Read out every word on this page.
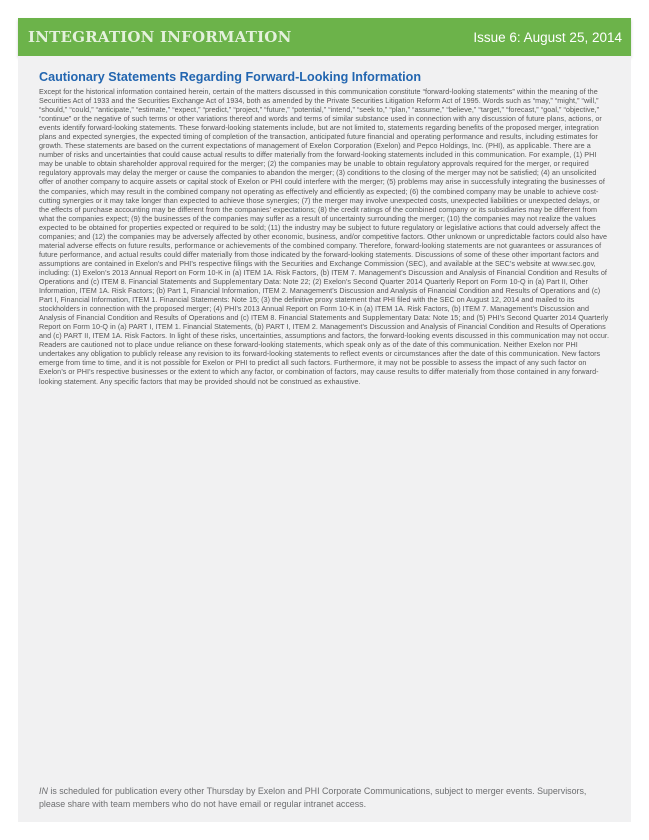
INTEGRATION INFORMATION	Issue 6: August 25, 2014
Cautionary Statements Regarding Forward-Looking Information

Except for the historical information contained herein, certain of the matters discussed in this communication constitute “forward-looking statements” within the meaning of the Securities Act of 1933 and the Securities Exchange Act of 1934, both as amended by the Private Securities Litigation Reform Act of 1995. Words such as “may,” “might,” “will,” “should,” “could,” “anticipate,” “estimate,” “expect,” “predict,” “project,” “future,” “potential,” “intend,” “seek to,” “plan,” “assume,” “believe,” “target,” “forecast,” “goal,” “objective,” “continue” or the negative of such terms or other variations thereof and words and terms of similar substance used in connection with any discussion of future plans, actions, or events identify forward-looking statements. These forward-looking statements include, but are not limited to, statements regarding benefits of the proposed merger, integration plans and expected synergies, the expected timing of completion of the transaction, anticipated future financial and operating performance and results, including estimates for growth. These statements are based on the current expectations of management of Exelon Corporation (Exelon) and Pepco Holdings, Inc. (PHI), as applicable. There are a number of risks and uncertainties that could cause actual results to differ materially from the forward-looking statements included in this communication. For example, (1) PHI may be unable to obtain shareholder approval required for the merger; (2) the companies may be unable to obtain regulatory approvals required for the merger, or required regulatory approvals may delay the merger or cause the companies to abandon the merger; (3) conditions to the closing of the merger may not be satisfied; (4) an unsolicited offer of another company to acquire assets or capital stock of Exelon or PHI could interfere with the merger; (5) problems may arise in successfully integrating the businesses of the companies, which may result in the combined company not operating as effectively and efficiently as expected; (6) the combined company may be unable to achieve cost-cutting synergies or it may take longer than expected to achieve those synergies; (7) the merger may involve unexpected costs, unexpected liabilities or unexpected delays, or the effects of purchase accounting may be different from the companies’ expectations; (8) the credit ratings of the combined company or its subsidiaries may be different from what the companies expect; (9) the businesses of the companies may suffer as a result of uncertainty surrounding the merger; (10) the companies may not realize the values expected to be obtained for properties expected or required to be sold; (11) the industry may be subject to future regulatory or legislative actions that could adversely affect the companies; and (12) the companies may be adversely affected by other economic, business, and/or competitive factors. Other unknown or unpredictable factors could also have material adverse effects on future results, performance or achievements of the combined company. Therefore, forward-looking statements are not guarantees or assurances of future performance, and actual results could differ materially from those indicated by the forward-looking statements. Discussions of some of these other important factors and assumptions are contained in Exelon’s and PHI’s respective filings with the Securities and Exchange Commission (SEC), and available at the SEC’s website at www.sec.gov, including: (1) Exelon’s 2013 Annual Report on Form 10-K in (a) ITEM 1A. Risk Factors, (b) ITEM 7. Management’s Discussion and Analysis of Financial Condition and Results of Operations and (c) ITEM 8. Financial Statements and Supplementary Data: Note 22; (2) Exelon’s Second Quarter 2014 Quarterly Report on Form 10-Q in (a) Part II, Other Information, ITEM 1A. Risk Factors; (b) Part 1, Financial Information, ITEM 2. Management’s Discussion and Analysis of Financial Condition and Results of Operations and (c) Part I, Financial Information, ITEM 1. Financial Statements: Note 15; (3) the definitive proxy statement that PHI filed with the SEC on August 12, 2014 and mailed to its stockholders in connection with the proposed merger; (4) PHI’s 2013 Annual Report on Form 10-K in (a) ITEM 1A. Risk Factors, (b) ITEM 7. Management’s Discussion and Analysis of Financial Condition and Results of Operations and (c) ITEM 8. Financial Statements and Supplementary Data: Note 15; and (5) PHI’s Second Quarter 2014 Quarterly Report on Form 10-Q in (a) PART I, ITEM 1. Financial Statements, (b) PART I, ITEM 2. Management’s Discussion and Analysis of Financial Condition and Results of Operations and (c) PART II, ITEM 1A. Risk Factors. In light of these risks, uncertainties, assumptions and factors, the forward-looking events discussed in this communication may not occur. Readers are cautioned not to place undue reliance on these forward-looking statements, which speak only as of the date of this communication. Neither Exelon nor PHI undertakes any obligation to publicly release any revision to its forward-looking statements to reflect events or circumstances after the date of this communication. New factors emerge from time to time, and it is not possible for Exelon or PHI to predict all such factors. Furthermore, it may not be possible to assess the impact of any such factor on Exelon’s or PHI’s respective businesses or the extent to which any factor, or combination of factors, may cause results to differ materially from those contained in any forward-looking statement. Any specific factors that may be provided should not be construed as exhaustive.

IN is scheduled for publication every other Thursday by Exelon and PHI Corporate Communications, subject to merger events. Supervisors, please share with team members who do not have email or regular intranet access.
